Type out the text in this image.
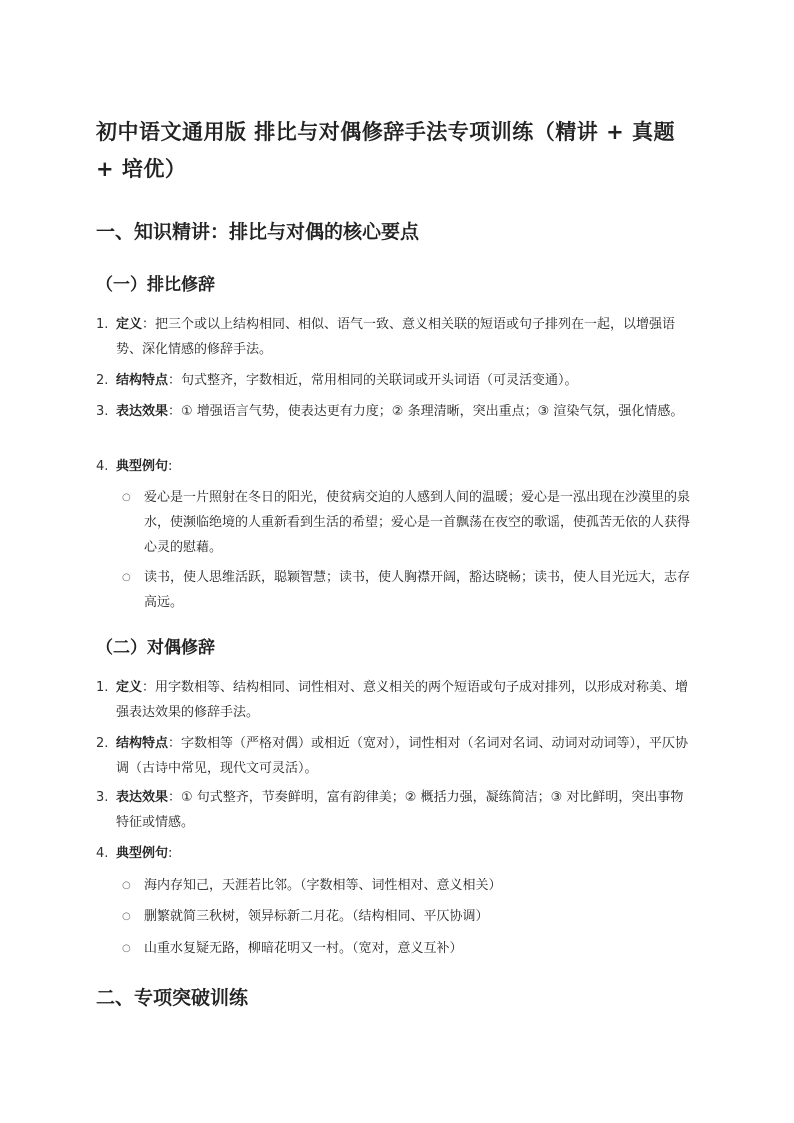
初中语文通用版 排比与对偶修辞手法专项训练（精讲 + 真题 + 培优）
一、知识精讲：排比与对偶的核心要点
（一）排比修辞
1. 定义：把三个或以上结构相同、相似、语气一致、意义相关联的短语或句子排列在一起，以增强语势、深化情感的修辞手法。
2. 结构特点：句式整齐，字数相近，常用相同的关联词或开头词语（可灵活变通）。
3. 表达效果：① 增强语言气势，使表达更有力度；② 条理清晰，突出重点；③ 渲染气氛，强化情感。
4. 典型例句:
○	爱心是一片照射在冬日的阳光，使贫病交迫的人感到人间的温暖；爱心是一泓出现在沙漠里的泉水，使濒临绝境的人重新看到生活的希望；爱心是一首飘荡在夜空的歌谣，使孤苦无依的人获得心灵的慰藉。
○	读书，使人思维活跃，聪颖智慧；读书，使人胸襟开阔，豁达晓畅；读书，使人目光远大，志存高远。
（二）对偶修辞
1. 定义：用字数相等、结构相同、词性相对、意义相关的两个短语或句子成对排列，以形成对称美、增强表达效果的修辞手法。
2. 结构特点：字数相等（严格对偶）或相近（宽对），词性相对（名词对名词、动词对动词等），平仄协调（古诗中常见，现代文可灵活）。
3. 表达效果：① 句式整齐，节奏鲜明，富有韵律美；② 概括力强，凝练简洁；③ 对比鲜明，突出事物特征或情感。
4. 典型例句:
○	海内存知己，天涯若比邻。（字数相等、词性相对、意义相关）
○	删繁就简三秋树，领异标新二月花。（结构相同、平仄协调）
○	山重水复疑无路，柳暗花明又一村。（宽对，意义互补）
二、专项突破训练
